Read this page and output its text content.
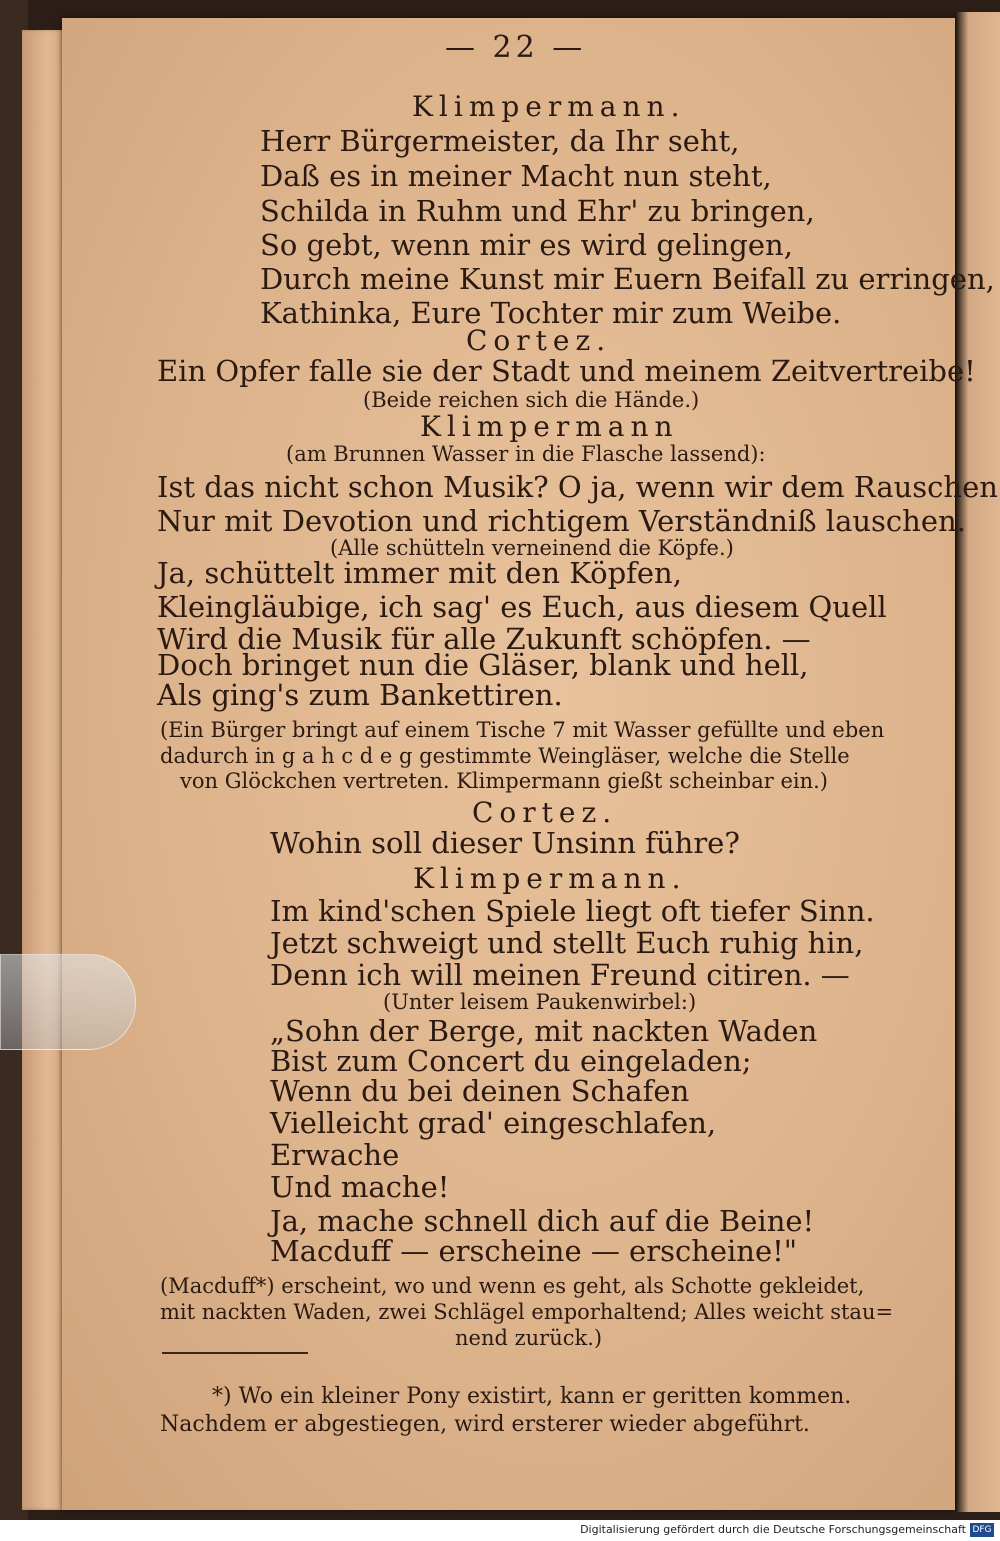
— 22 —
Klimpermann.
Herr Bürgermeister, da Ihr seht,
Daß es in meiner Macht nun steht,
Schilda in Ruhm und Ehr' zu bringen,
So gebt, wenn mir es wird gelingen,
Durch meine Kunst mir Euern Beifall zu erringen,
Kathinka, Eure Tochter mir zum Weibe.
Cortez.
Ein Opfer falle sie der Stadt und meinem Zeitvertreibe!
(Beide reichen sich die Hände.)
Klimpermann
(am Brunnen Wasser in die Flasche lassend):
Ist das nicht schon Musik? O ja, wenn wir dem Rauschen
Nur mit Devotion und richtigem Verständniß lauschen.
(Alle schütteln verneinend die Köpfe.)
Ja, schüttelt immer mit den Köpfen,
Kleingläubige, ich sag' es Euch, aus diesem Quell
Wird die Musik für alle Zukunft schöpfen. —
Doch bringet nun die Gläser, blank und hell,
Als ging's zum Bankettiren.
(Ein Bürger bringt auf einem Tische 7 mit Wasser gefüllte und eben
dadurch in g a h c d e g gestimmte Weingläser, welche die Stelle
von Glöckchen vertreten. Klimpermann gießt scheinbar ein.)
Cortez.
Wohin soll dieser Unsinn führe?
Klimpermann.
Im kind'schen Spiele liegt oft tiefer Sinn.
Jetzt schweigt und stellt Euch ruhig hin,
Denn ich will meinen Freund citiren. —
(Unter leisem Paukenwirbel:)
„Sohn der Berge, mit nackten Waden
Bist zum Concert du eingeladen;
Wenn du bei deinen Schafen
Vielleicht grad' eingeschlafen,
Erwache
Und mache!
Ja, mache schnell dich auf die Beine!
Macduff — erscheine — erscheine!"
(Macduff*) erscheint, wo und wenn es geht, als Schotte gekleidet,
mit nackten Waden, zwei Schlägel emporhaltend; Alles weicht stau=
nend zurück.)
*) Wo ein kleiner Pony existirt, kann er geritten kommen.
Nachdem er abgestiegen, wird ersterer wieder abgeführt.
Digitalisierung gefördert durch die Deutsche Forschungsgemeinschaft DFG
